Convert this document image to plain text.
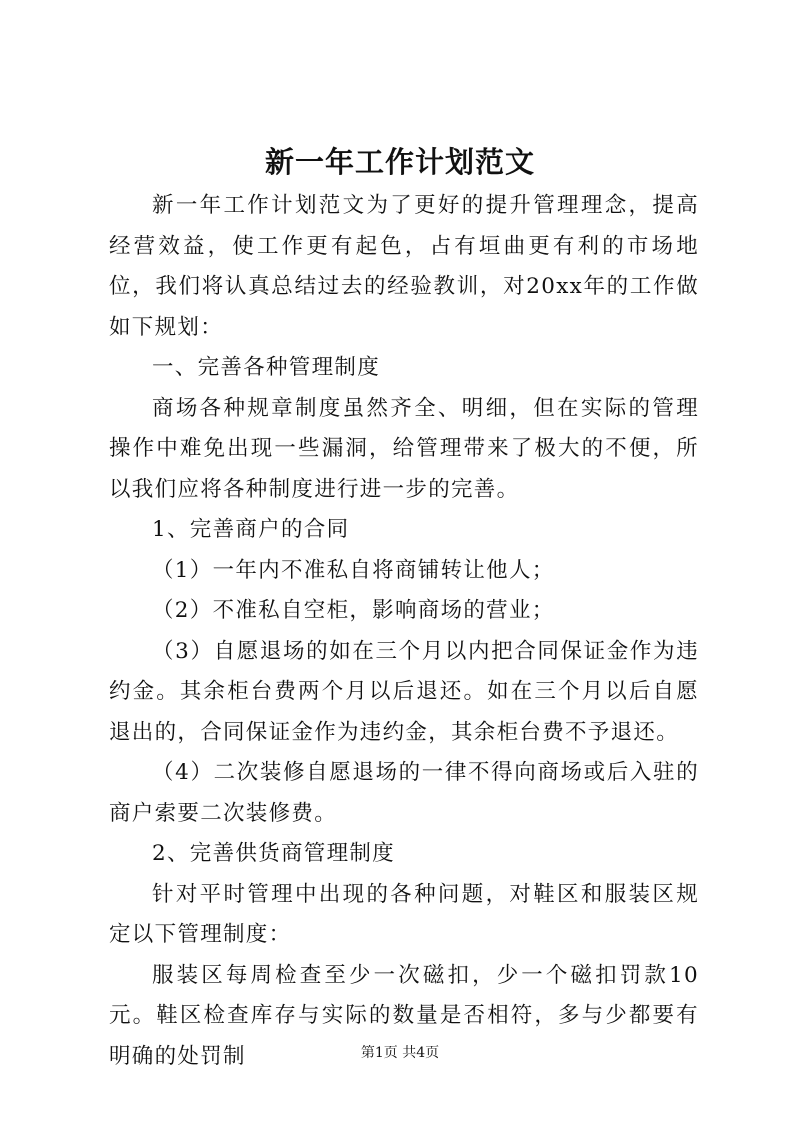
新一年工作计划范文

新一年工作计划范文为了更好的提升管理理念，提高经营效益，使工作更有起色，占有垣曲更有利的市场地位，我们将认真总结过去的经验教训，对20xx年的工作做如下规划：

一、完善各种管理制度

商场各种规章制度虽然齐全、明细，但在实际的管理操作中难免出现一些漏洞，给管理带来了极大的不便，所以我们应将各种制度进行进一步的完善。

1、完善商户的合同

（1）一年内不准私自将商铺转让他人；

（2）不准私自空柜，影响商场的营业；

（3）自愿退场的如在三个月以内把合同保证金作为违约金。其余柜台费两个月以后退还。如在三个月以后自愿退出的，合同保证金作为违约金，其余柜台费不予退还。

（4）二次装修自愿退场的一律不得向商场或后入驻的商户索要二次装修费。

2、完善供货商管理制度

针对平时管理中出现的各种问题，对鞋区和服装区规定以下管理制度：

服装区每周检查至少一次磁扣，少一个磁扣罚款10元。鞋区检查库存与实际的数量是否相符，多与少都要有明确的处罚制	第1页 共4页
